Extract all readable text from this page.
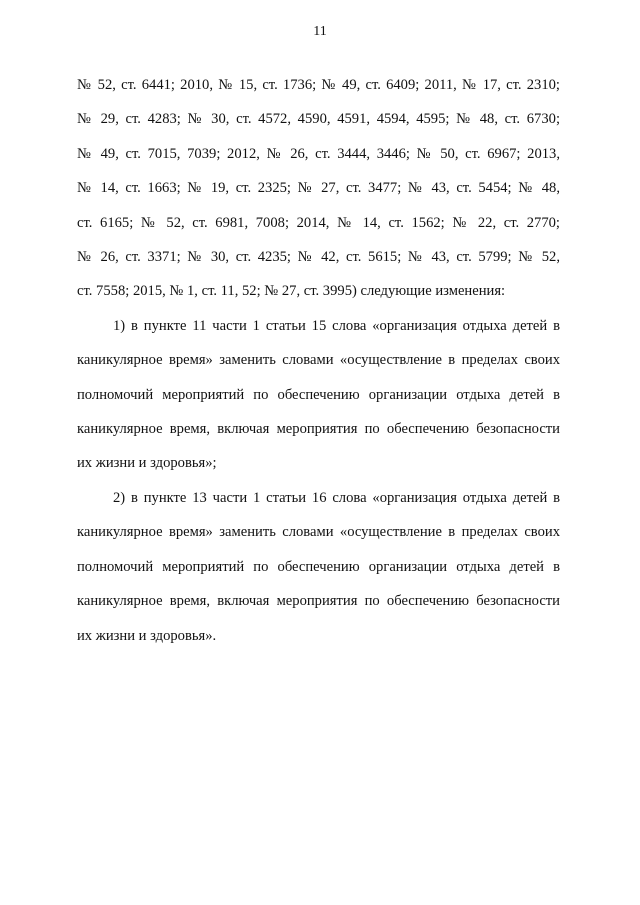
11
№ 52, ст. 6441; 2010, № 15, ст. 1736; № 49, ст. 6409; 2011, № 17, ст. 2310;
№ 29, ст. 4283; № 30, ст. 4572, 4590, 4591, 4594, 4595; № 48, ст. 6730;
№ 49, ст. 7015, 7039; 2012, № 26, ст. 3444, 3446; № 50, ст. 6967; 2013,
№ 14, ст. 1663; № 19, ст. 2325; № 27, ст. 3477; № 43, ст. 5454; № 48,
ст. 6165; № 52, ст. 6981, 7008; 2014, № 14, ст. 1562; № 22, ст. 2770;
№ 26, ст. 3371; № 30, ст. 4235; № 42, ст. 5615; № 43, ст. 5799; № 52,
ст. 7558; 2015, № 1, ст. 11, 52; № 27, ст. 3995) следующие изменения:
1) в пункте 11 части 1 статьи 15 слова «организация отдыха детей в
каникулярное время» заменить словами «осуществление в пределах своих
полномочий мероприятий по обеспечению организации отдыха детей в
каникулярное время, включая мероприятия по обеспечению безопасности
их жизни и здоровья»;
2) в пункте 13 части 1 статьи 16 слова «организация отдыха детей в
каникулярное время» заменить словами «осуществление в пределах своих
полномочий мероприятий по обеспечению организации отдыха детей в
каникулярное время, включая мероприятия по обеспечению безопасности
их жизни и здоровья».
